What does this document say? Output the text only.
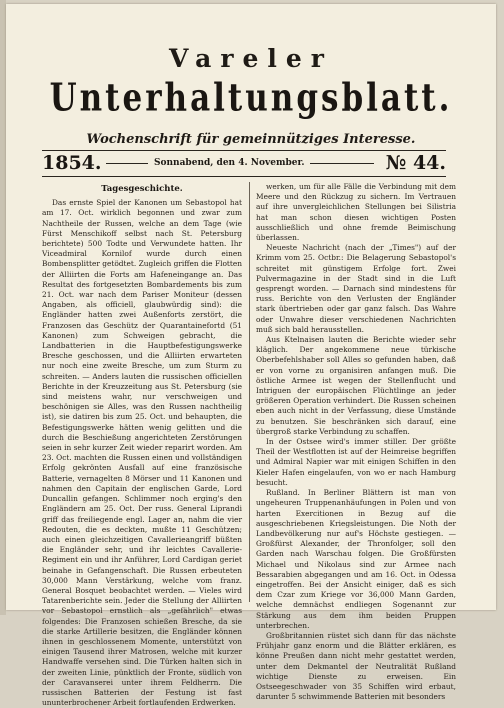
Vareler
Unterhaltungsblatt.
Wochenschrift für gemeinnütziges Interesse.
1854.	Sonnabend, den 4. November.	№ 44.
Tagesgeschichte.

Das ernste Spiel der Kanonen um Sebastopol hat am 17. Oct. wirklich begonnen und zwar zum Nachtheile der Russen, welche an dem Tage (wie Fürst Menschikoff selbst nach St. Petersburg berichtete) 500 Todte und Verwundete hatten. Ihr Viceadmiral Kornilof wurde durch einen Bombensplitter getödtet. Zugleich griffen die Flotten der Alliirten die Forts am Hafeneingange an. Das Resultat des fortgesetzten Bombardements bis zum 21. Oct. war nach dem Pariser Moniteur (dessen Angaben, als officiell, glaubwürdig sind): die Engländer hatten zwei Außenforts zerstört, die Franzosen das Geschütz der Quarantainefortd (51 Kanonen) zum Schweigen gebracht, die Landbatterien in die Hauptbefestigungswerke Bresche geschossen, und die Alliirten erwarteten nur noch eine zweite Bresche, um zum Sturm zu schreiten. — Anders lauten die russischen officiellen Berichte in der Kreuzzeitung aus St. Petersburg (sie sind meistens wahr, nur verschweigen und beschönigen sie Alles, was den Russen nachtheilig ist), sie datiren bis zum 25. Oct. und behaupten, die Befestigungswerke hätten wenig gelitten und die durch die Beschießung angerichteten Zerstörungen seien in sehr kurzer Zeit wieder reparirt worden. Am 23. Oct. machten die Russen einen und vollständigen Erfolg gekrönten Ausfall auf eine französische Batterie, vernagelten 8 Mörser und 11 Kanonen und nahmen den Capitain der englischen Garde, Lord Duncallin gefangen. Schlimmer noch erging's den Engländern am 25. Oct. Der russ. General Liprandi griff das freiliegende engl. Lager an, nahm die vier Redouten, die es deckten, mußte 11 Geschützen; auch einen gleichzeitigen Cavallerieangriff büßten die Engländer sehr, und ihr leichtes Cavallerie-Regiment ein und ihr Anführer, Lord Cardigan geriet beinahe in Gefangenschaft. Die Russen erbeuteten 30,000 Mann Verstärkung, welche vom franz. General Bosquet beobachtet werden. — Vieles wird Tatarenberichte sein. Jeder die Stellung der Alliirten vor Sebastopol ernstlich als „gefährlich" etwas folgendes: Die Franzosen schießen Bresche, da sie die starke Artillerie besitzen, die Engländer können ihnen in geschlossenem Momente, unterstützt von einigen Tausend ihrer Matrosen, welche mit kurzer Handwaffe versehen sind. Die Türken halten sich in der zweiten Linie, pünktlich der Fronte, südlich von der Caravanserei unter ihrem Feldherrn. Die russischen Batterien der Festung ist fast ununterbrochener Arbeit fortlaufenden Erdwerken.

werken, um für alle Fälle die Verbindung mit dem Meere und den Rückzug zu sichern. Im Vertrauen auf ihre unvergleichlichen Stellungen bei Silistria hat man schon diesen wichtigen Posten ausschließlich und ohne fremde Beimischung überlassen.

Neueste Nachricht (nach der „Times") auf der Krimm vom 25. Octbr.: Die Belagerung Sebastopol's schreitet mit günstigem Erfolge fort. Zwei Pulvermagazine in der Stadt sind in die Luft gesprengt worden. — Darnach sind mindestens für russ. Berichte von den Verlusten der Engländer stark übertrieben oder gar ganz falsch. Das Wahre oder Unwahre dieser verschiedenen Nachrichten muß sich bald herausstellen.

Aus Ktelnaisen lauten die Berichte wieder sehr kläglich. Der angekommene neue türkische Oberbefehlshaber soll Alles so gefunden haben, daß er von vorne zu organisiren anfangen muß. Die östliche Armee ist wegen der Stellenflucht und Intriguen der europäischen Flüchtlinge an jeder größeren Operation verhindert. Die Russen scheinen eben auch nicht in der Verfassung, diese Umstände zu benutzen. Sie beschränken sich darauf, eine übergroß starke Verbindung zu schaffen.

In der Ostsee wird's immer stiller. Der größte Theil der Westflotten ist auf der Heimreise begriffen und Admiral Napier war mit einigen Schiffen in den Kieler Hafen eingelaufen, von wo er nach Hamburg besucht.

Rußland. In Berliner Blättern ist man von ungeheuren Truppenanhäufungen in Polen und von harten Exercitionen in Bezug auf die ausgeschriebenen Kriegsleistungen. Die Noth der Landbevölkerung nur auf's Höchste gestiegen. — Großfürst Alexander, der Thronfolger, soll den Garden nach Warschau folgen. Die Großfürsten Michael und Nikolaus sind zur Armee nach Bessarabien abgegangen und am 16. Oct. in Odessa eingetroffen. Bei der Ansicht einiger, daß es sich dem Czar zum Kriege vor 36,000 Mann Garden, welche demnächst endliegen Sogenannt zur Stärkung aus dem ihm beiden Pruppen unterbrechen.

Großbritannien rüstet sich dann für das nächste Frühjahr ganz enorm und die Blätter erklären, es könne Preußen dann nicht mehr gestattet werden, unter dem Dekmantel der Neutralität Rußland wichtige Dienste zu erweisen. Ein Ostseegeschwader von 35 Schiffen wird erbaut, darunter 5 schwimmende Batterien mit besonders
